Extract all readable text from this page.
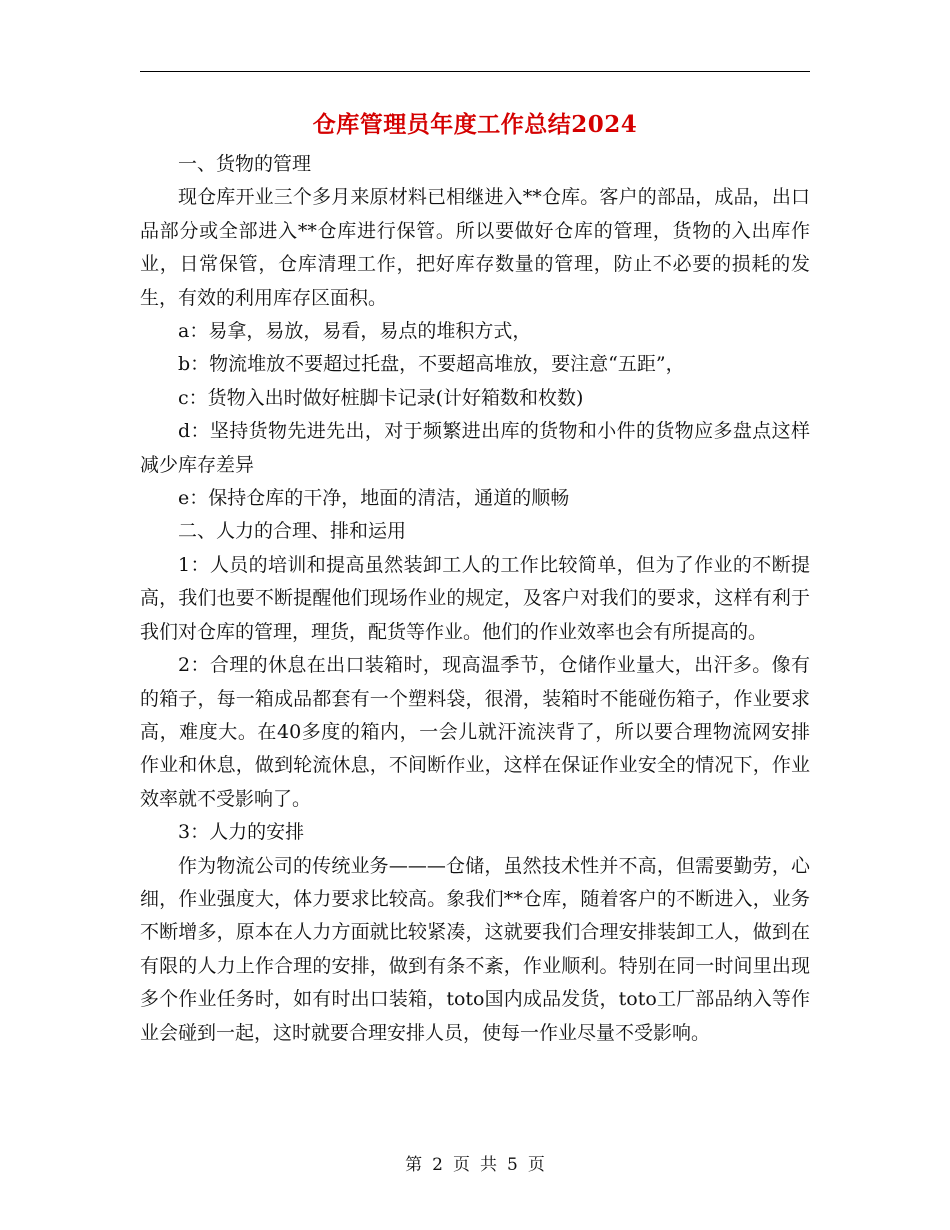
仓库管理员年度工作总结2024

一、货物的管理

现仓库开业三个多月来原材料已相继进入**仓库。客户的部品，成品，出口品部分或全部进入**仓库进行保管。所以要做好仓库的管理，货物的入出库作业，日常保管，仓库清理工作，把好库存数量的管理，防止不必要的损耗的发生，有效的利用库存区面积。

a：易拿，易放，易看，易点的堆积方式，

b：物流堆放不要超过托盘，不要超高堆放，要注意“五距”，

c：货物入出时做好桩脚卡记录(计好箱数和枚数)

d：坚持货物先进先出，对于频繁进出库的货物和小件的货物应多盘点这样减少库存差异

e：保持仓库的干净，地面的清洁，通道的顺畅

二、人力的合理、排和运用

1：人员的培训和提高虽然装卸工人的工作比较简单，但为了作业的不断提高，我们也要不断提醒他们现场作业的规定，及客户对我们的要求，这样有利于我们对仓库的管理，理货，配货等作业。他们的作业效率也会有所提高的。

2：合理的休息在出口装箱时，现高温季节，仓储作业量大，出汗多。像有的箱子，每一箱成品都套有一个塑料袋，很滑，装箱时不能碰伤箱子，作业要求高，难度大。在40多度的箱内，一会儿就汗流浃背了，所以要合理物流网安排作业和休息，做到轮流休息，不间断作业，这样在保证作业安全的情况下，作业效率就不受影响了。

3：人力的安排

作为物流公司的传统业务———仓储，虽然技术性并不高，但需要勤劳，心细，作业强度大，体力要求比较高。象我们**仓库，随着客户的不断进入，业务不断增多，原本在人力方面就比较紧凑，这就要我们合理安排装卸工人，做到在有限的人力上作合理的安排，做到有条不紊，作业顺利。特别在同一时间里出现多个作业任务时，如有时出口装箱，toto国内成品发货，toto工厂部品纳入等作业会碰到一起，这时就要合理安排人员，使每一作业尽量不受影响。

第 2 页 共 5 页
